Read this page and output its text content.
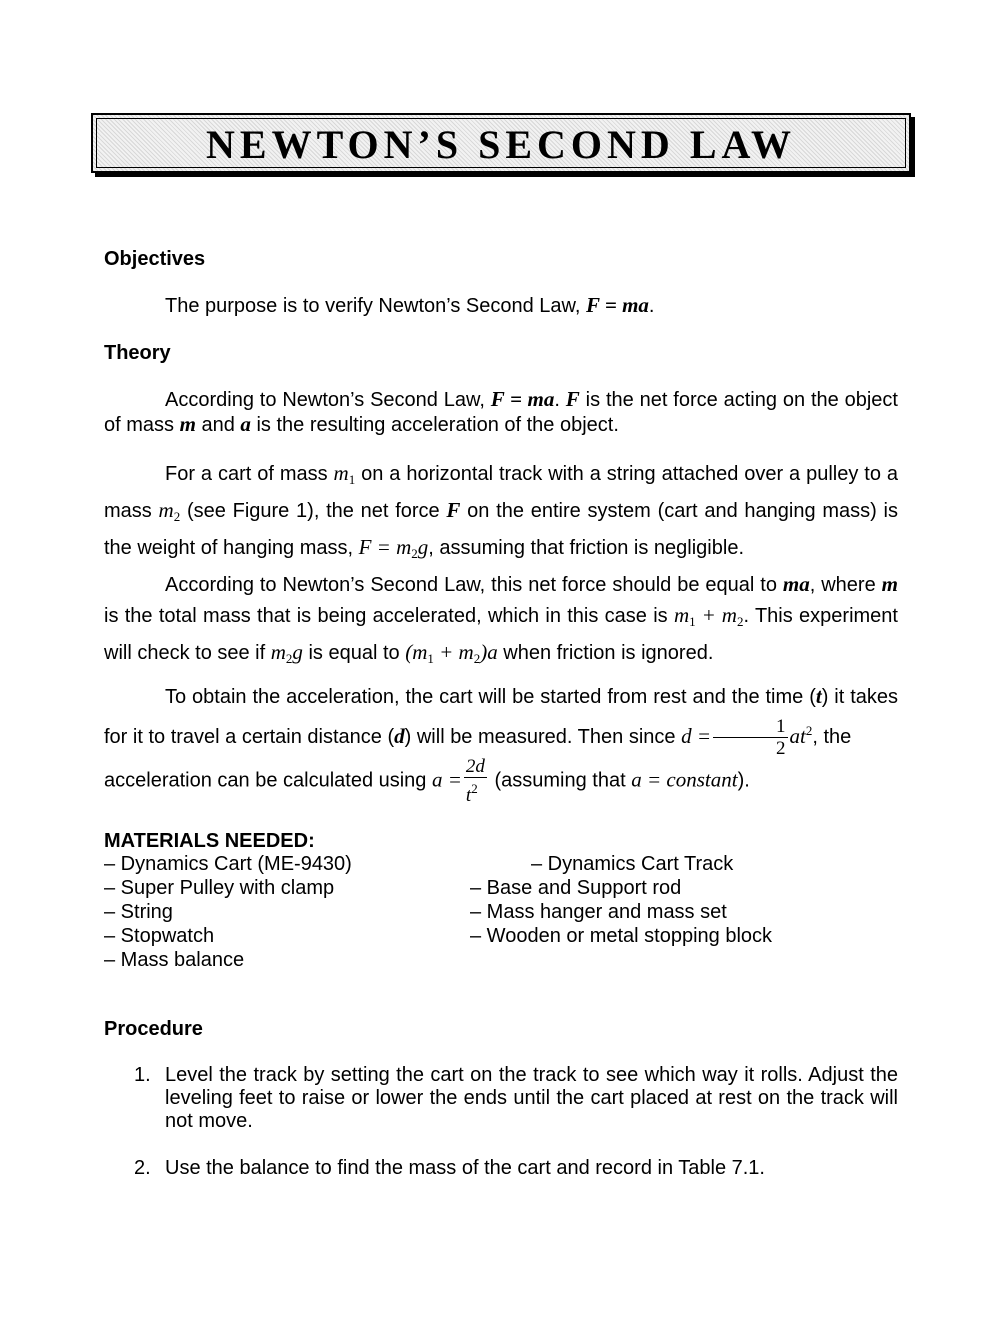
NEWTON’S SECOND LAW
Objectives
The purpose is to verify Newton’s Second Law, F = ma.
Theory
According to Newton’s Second Law, F = ma. F is the net force acting on the object of mass m and a is the resulting acceleration of the object.
For a cart of mass $m_1$ on a horizontal track with a string attached over a pulley to a mass $m_2$ (see Figure 1), the net force F on the entire system (cart and hanging mass) is the weight of hanging mass, $F = m_2g$, assuming that friction is negligible.
According to Newton’s Second Law, this net force should be equal to ma, where m is the total mass that is being accelerated, which in this case is $m_1 + m_2$. This experiment will check to see if $m_2g$ is equal to $(m_1 + m_2)a$ when friction is ignored.
To obtain the acceleration, the cart will be started from rest and the time (t) it takes for it to travel a certain distance (d) will be measured. Then since $d = \frac{1}{2} at^2$, the
acceleration can be calculated using $a = \frac{2d}{t^2}$ (assuming that a = constant).
MATERIALS NEEDED:
– Dynamics Cart (ME-9430)
– Super Pulley with clamp
– String
– Stopwatch
– Mass balance
– Dynamics Cart Track
– Base and Support rod
– Mass hanger and mass set
– Wooden or metal stopping block
Procedure
1. Level the track by setting the cart on the track to see which way it rolls. Adjust the leveling feet to raise or lower the ends until the cart placed at rest on the track will not move.
2. Use the balance to find the mass of the cart and record in Table 7.1.
